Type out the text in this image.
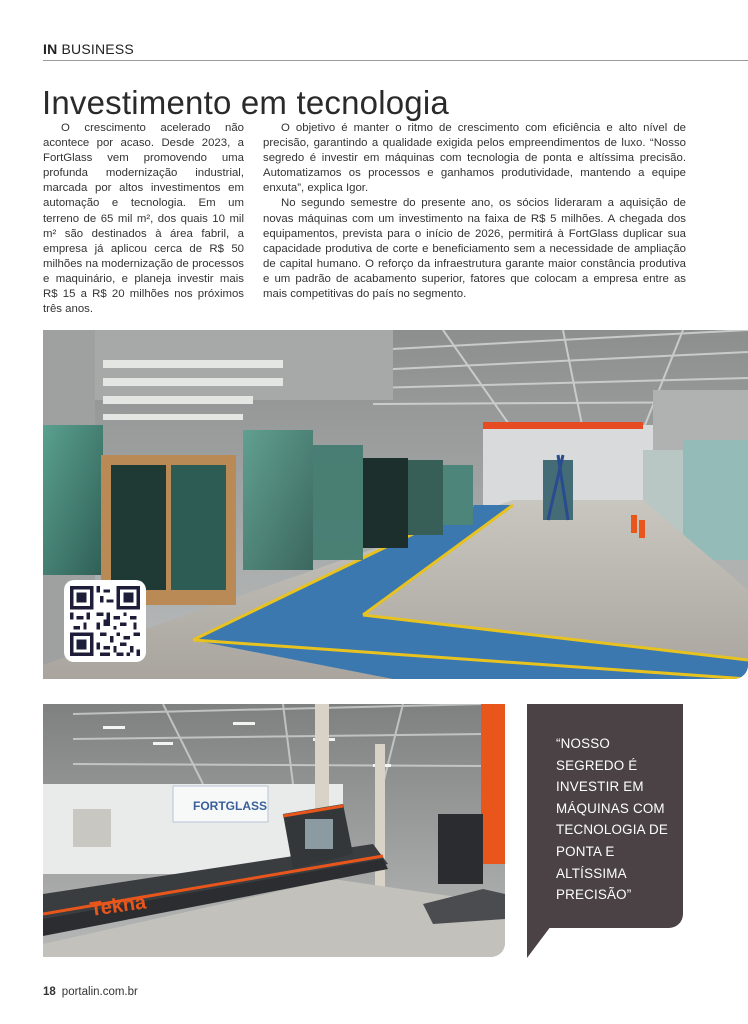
IN BUSINESS
Investimento em tecnologia

O crescimento acelerado não acontece por acaso. Desde 2023, a FortGlass vem promovendo uma profunda modernização industrial, marcada por altos investimentos em automação e tecnologia. Em um terreno de 65 mil m², dos quais 10 mil m² são destinados à área fabril, a empresa já aplicou cerca de R$ 50 milhões na modernização de processos e maquinário, e planeja investir mais R$ 15 a R$ 20 milhões nos próximos três anos.

O objetivo é manter o ritmo de crescimento com eficiência e alto nível de precisão, garantindo a qualidade exigida pelos empreendimentos de luxo. “Nosso segredo é investir em máquinas com tecnologia de ponta e altíssima precisão. Automatizamos os processos e ganhamos produtividade, mantendo a equipe enxuta”, explica Igor.

No segundo semestre do presente ano, os sócios lideraram a aquisição de novas máquinas com um investimento na faixa de R$ 5 milhões. A chegada dos equipamentos, prevista para o início de 2026, permitirá à FortGlass duplicar sua capacidade produtiva de corte e beneficiamento sem a necessidade de ampliação de capital humano. O reforço da infraestrutura garante maior constância produtiva e um padrão de acabamento superior, fatores que colocam a empresa entre as mais competitivas do país no segmento.

FORTGLASS
Tekna
“NOSSO SEGREDO É INVESTIR EM MÁQUINAS COM TECNOLOGIA DE PONTA E ALTÍSSIMA PRECISÃO”
18 portalin.com.br
